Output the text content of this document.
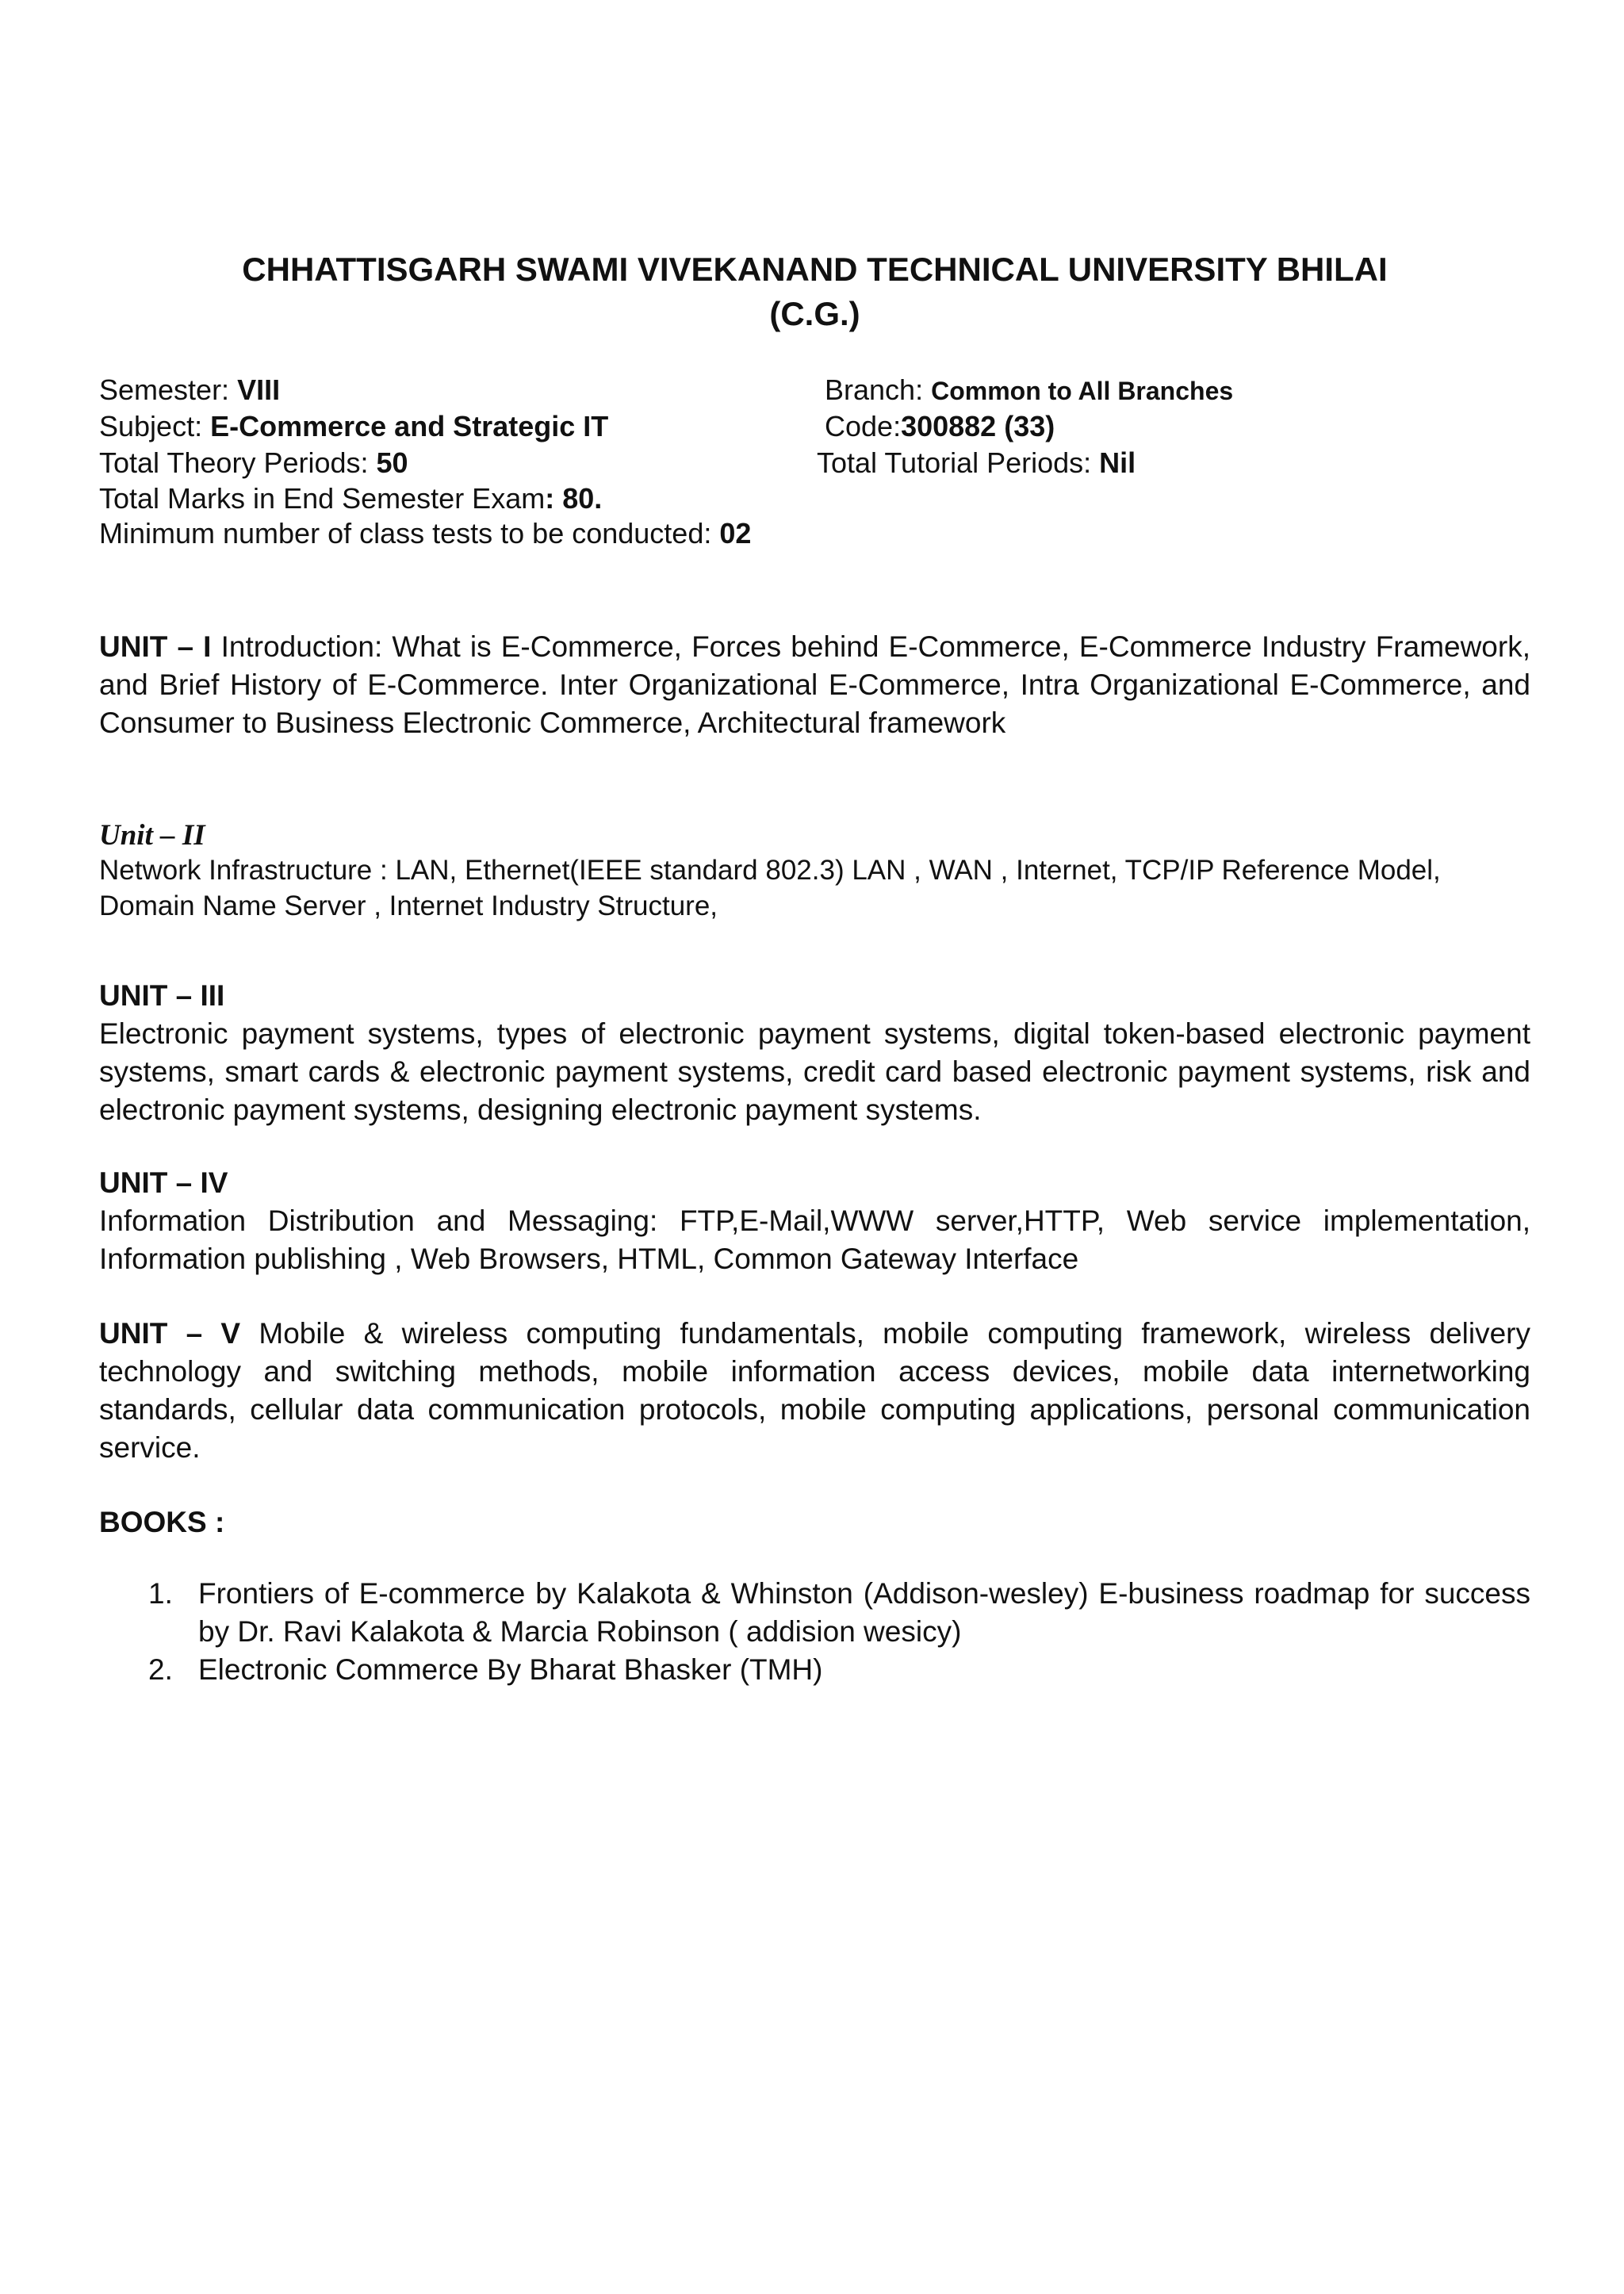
CHHATTISGARH SWAMI VIVEKANAND TECHNICAL UNIVERSITY BHILAI
(C.G.)
Semester: VIII	Branch: Common to All Branches
Subject: E-Commerce and Strategic IT	Code:300882 (33)
Total Theory Periods: 50	Total Tutorial Periods: Nil
Total Marks in End Semester Exam: 80.
Minimum number of class tests to be conducted: 02
UNIT – I Introduction: What is E-Commerce, Forces behind E-Commerce, E-Commerce Industry Framework, and Brief History of E-Commerce. Inter Organizational E-Commerce, Intra Organizational E-Commerce, and Consumer to Business Electronic Commerce, Architectural framework
Unit – II
Network Infrastructure : LAN, Ethernet(IEEE standard 802.3) LAN , WAN , Internet, TCP/IP Reference Model, Domain Name Server , Internet Industry Structure,
UNIT – III
Electronic payment systems, types of electronic payment systems, digital token-based electronic payment systems, smart cards & electronic payment systems, credit card based electronic payment systems, risk and electronic payment systems, designing electronic payment systems.
UNIT – IV
Information Distribution and Messaging: FTP,E-Mail,WWW server,HTTP, Web service implementation, Information publishing , Web Browsers, HTML, Common Gateway Interface
UNIT – V Mobile & wireless computing fundamentals, mobile computing framework, wireless delivery technology and switching methods, mobile information access devices, mobile data internetworking standards, cellular data communication protocols, mobile computing applications, personal communication service.
BOOKS :
1. Frontiers of E-commerce by Kalakota & Whinston (Addison-wesley) E-business roadmap for success by Dr. Ravi Kalakota & Marcia Robinson ( addision wesicy)
2. Electronic Commerce By Bharat Bhasker (TMH)
